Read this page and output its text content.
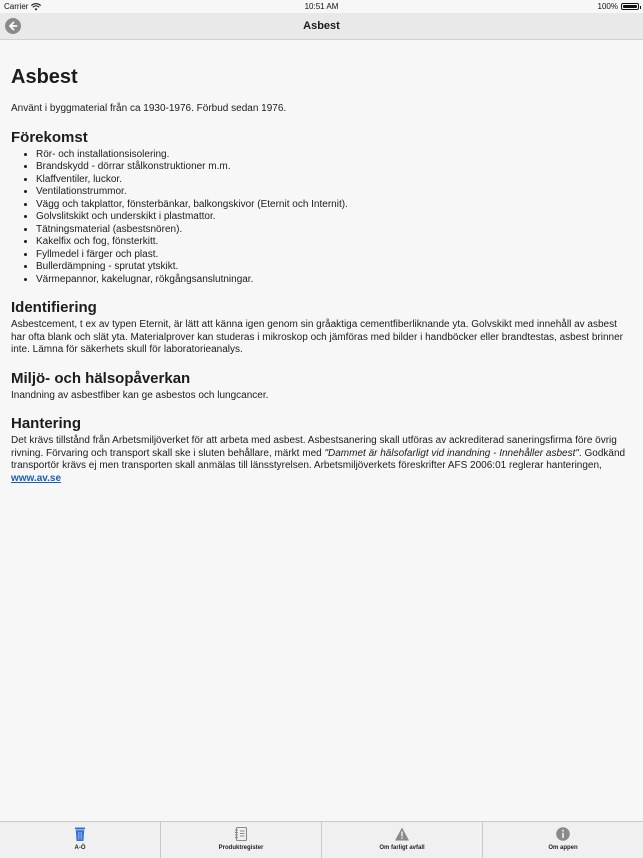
Carrier	10:51 AM	100%
Asbest
Asbest

Använt i byggmaterial från ca 1930-1976. Förbud sedan 1976.

Förekomst
• Rör- och installationsisolering.
• Brandskydd - dörrar stålkonstruktioner m.m.
• Klaffventiler, luckor.
• Ventilationstrummor.
• Vägg och takplattor, fönsterbänkar, balkongskivor (Eternit och Internit).
• Golvslitskikt och underskikt i plastmattor.
• Tätningsmaterial (asbestsnören).
• Kakelfix och fog, fönsterkitt.
• Fyllmedel i färger och plast.
• Bullerdämpning - sprutat ytskikt.
• Värmepannor, kakelugnar, rökgångsanslutningar.
Identifiering

Asbestcement, t ex av typen Eternit, är lätt att känna igen genom sin gråaktiga cementfiberliknande yta. Golvskikt med innehåll av asbest har ofta blank och slät yta. Materialprover kan studeras i mikroskop och jämföras med bilder i handböcker eller brandtestas, asbest brinner inte. Lämna för säkerhets skull för laboratorieanalys.

Miljö- och hälsopåverkan

Inandning av asbestfiber kan ge asbestos och lungcancer.

Hantering

Det krävs tillstånd från Arbetsmiljöverket för att arbeta med asbest. Asbestsanering skall utföras av ackrediterad saneringsfirma före övrig rivning. Förvaring och transport skall ske i sluten behållare, märkt med "Dammet är hälsofarligt vid inandning - Innehåller asbest". Godkänd transportör krävs ej men transporten skall anmälas till länsstyrelsen. Arbetsmiljöverkets föreskrifter AFS 2006:01 reglerar hanteringen, www.av.se

A-Ö	Produktregister	Om farligt avfall	Om appen
